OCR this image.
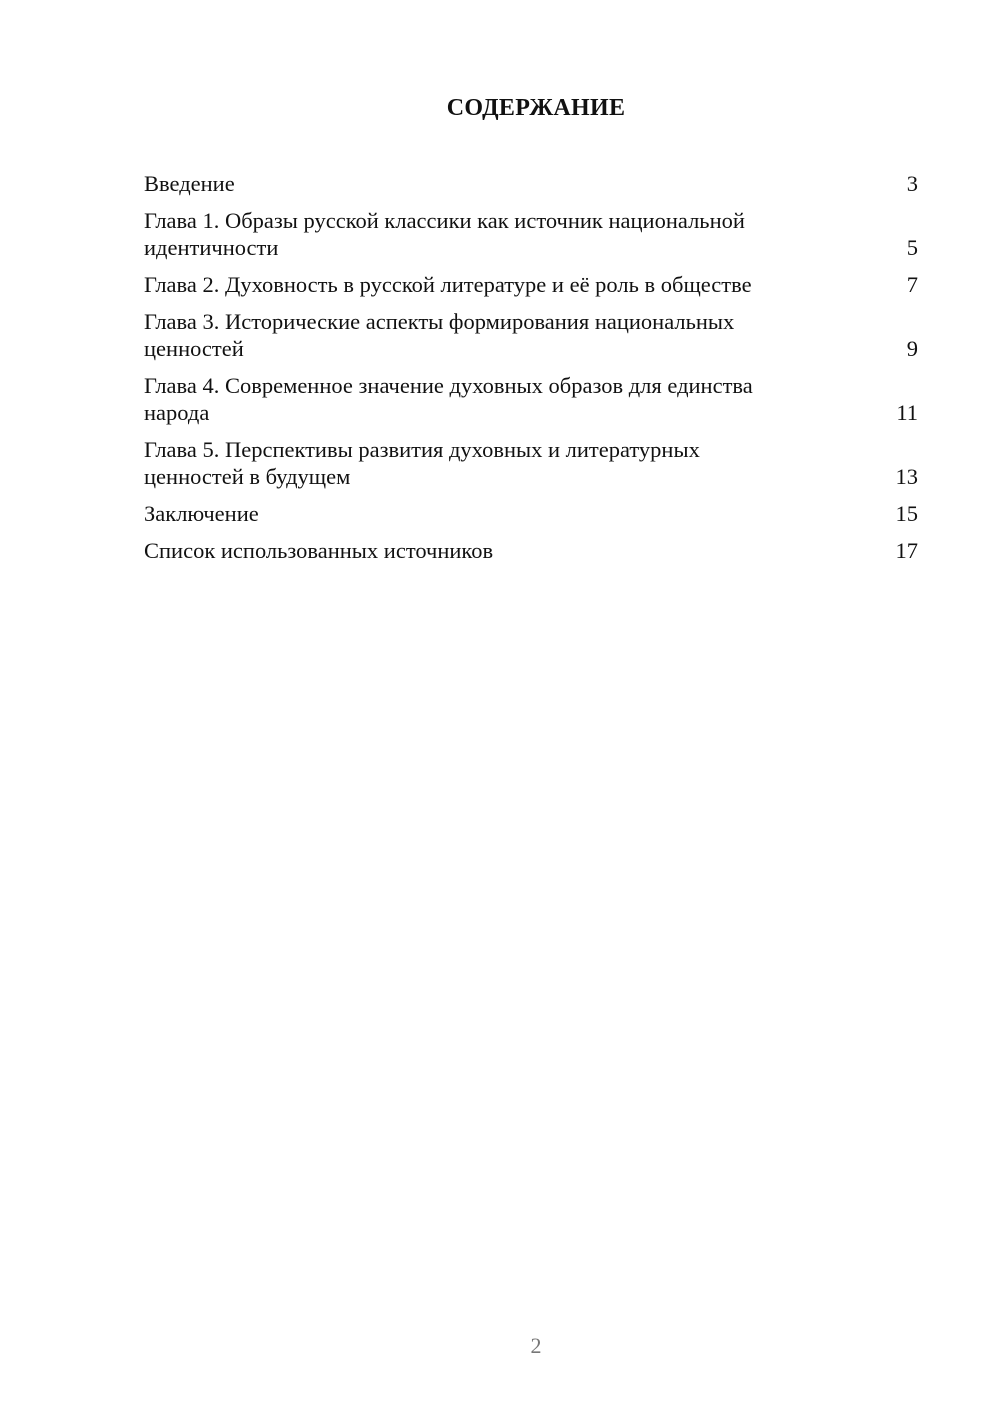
СОДЕРЖАНИЕ
Введение	3
Глава 1. Образы русской классики как источник национальной
идентичности	5
Глава 2. Духовность в русской литературе и её роль в обществе	7
Глава 3. Исторические аспекты формирования национальных
ценностей	9
Глава 4. Современное значение духовных образов для единства
народа	11
Глава 5. Перспективы развития духовных и литературных
ценностей в будущем	13
Заключение	15
Список использованных источников	17
2
